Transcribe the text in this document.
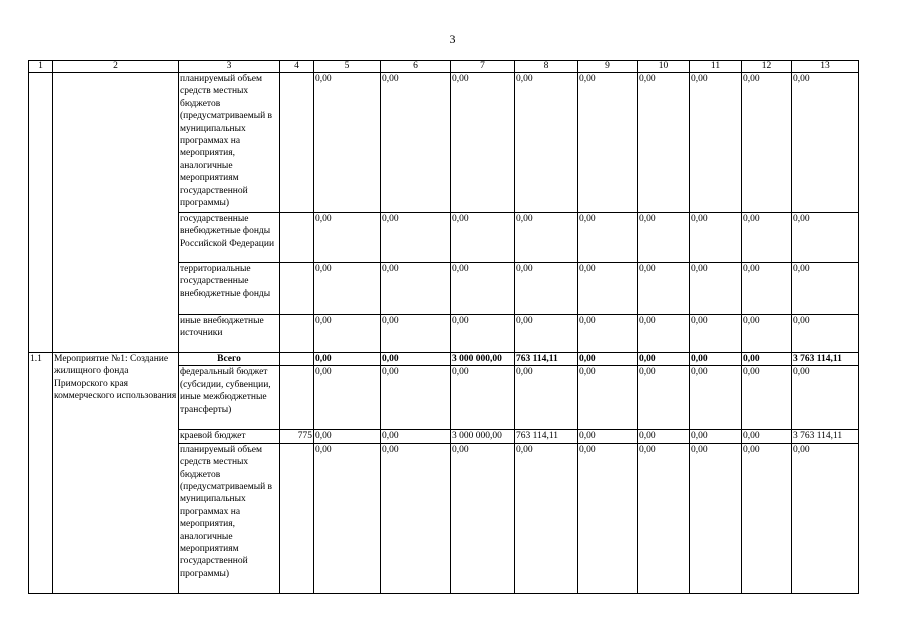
3
1	2	3	4	5	6	7	8	9	10	11	12	13
		планируемый объем средств местных бюджетов (предусматриваемый в муниципальных программах на мероприятия, аналогичные мероприятиям государственной программы)		0,00	0,00	0,00	0,00	0,00	0,00	0,00	0,00	0,00
		государственные внебюджетные фонды Российской Федерации		0,00	0,00	0,00	0,00	0,00	0,00	0,00	0,00	0,00
		территориальные государственные внебюджетные фонды		0,00	0,00	0,00	0,00	0,00	0,00	0,00	0,00	0,00
		иные внебюджетные источники		0,00	0,00	0,00	0,00	0,00	0,00	0,00	0,00	0,00
1.1	Мероприятие №1: Создание жилищного фонда Приморского края коммерческого использования	Всего		0,00	0,00	3 000 000,00	763 114,11	0,00	0,00	0,00	0,00	3 763 114,11
		федеральный бюджет (субсидии, субвенции, иные межбюджетные трансферты)		0,00	0,00	0,00	0,00	0,00	0,00	0,00	0,00	0,00
		краевой бюджет	775	0,00	0,00	3 000 000,00	763 114,11	0,00	0,00	0,00	0,00	3 763 114,11
		планируемый объем средств местных бюджетов (предусматриваемый в муниципальных программах на мероприятия, аналогичные мероприятиям государственной программы)		0,00	0,00	0,00	0,00	0,00	0,00	0,00	0,00	0,00
